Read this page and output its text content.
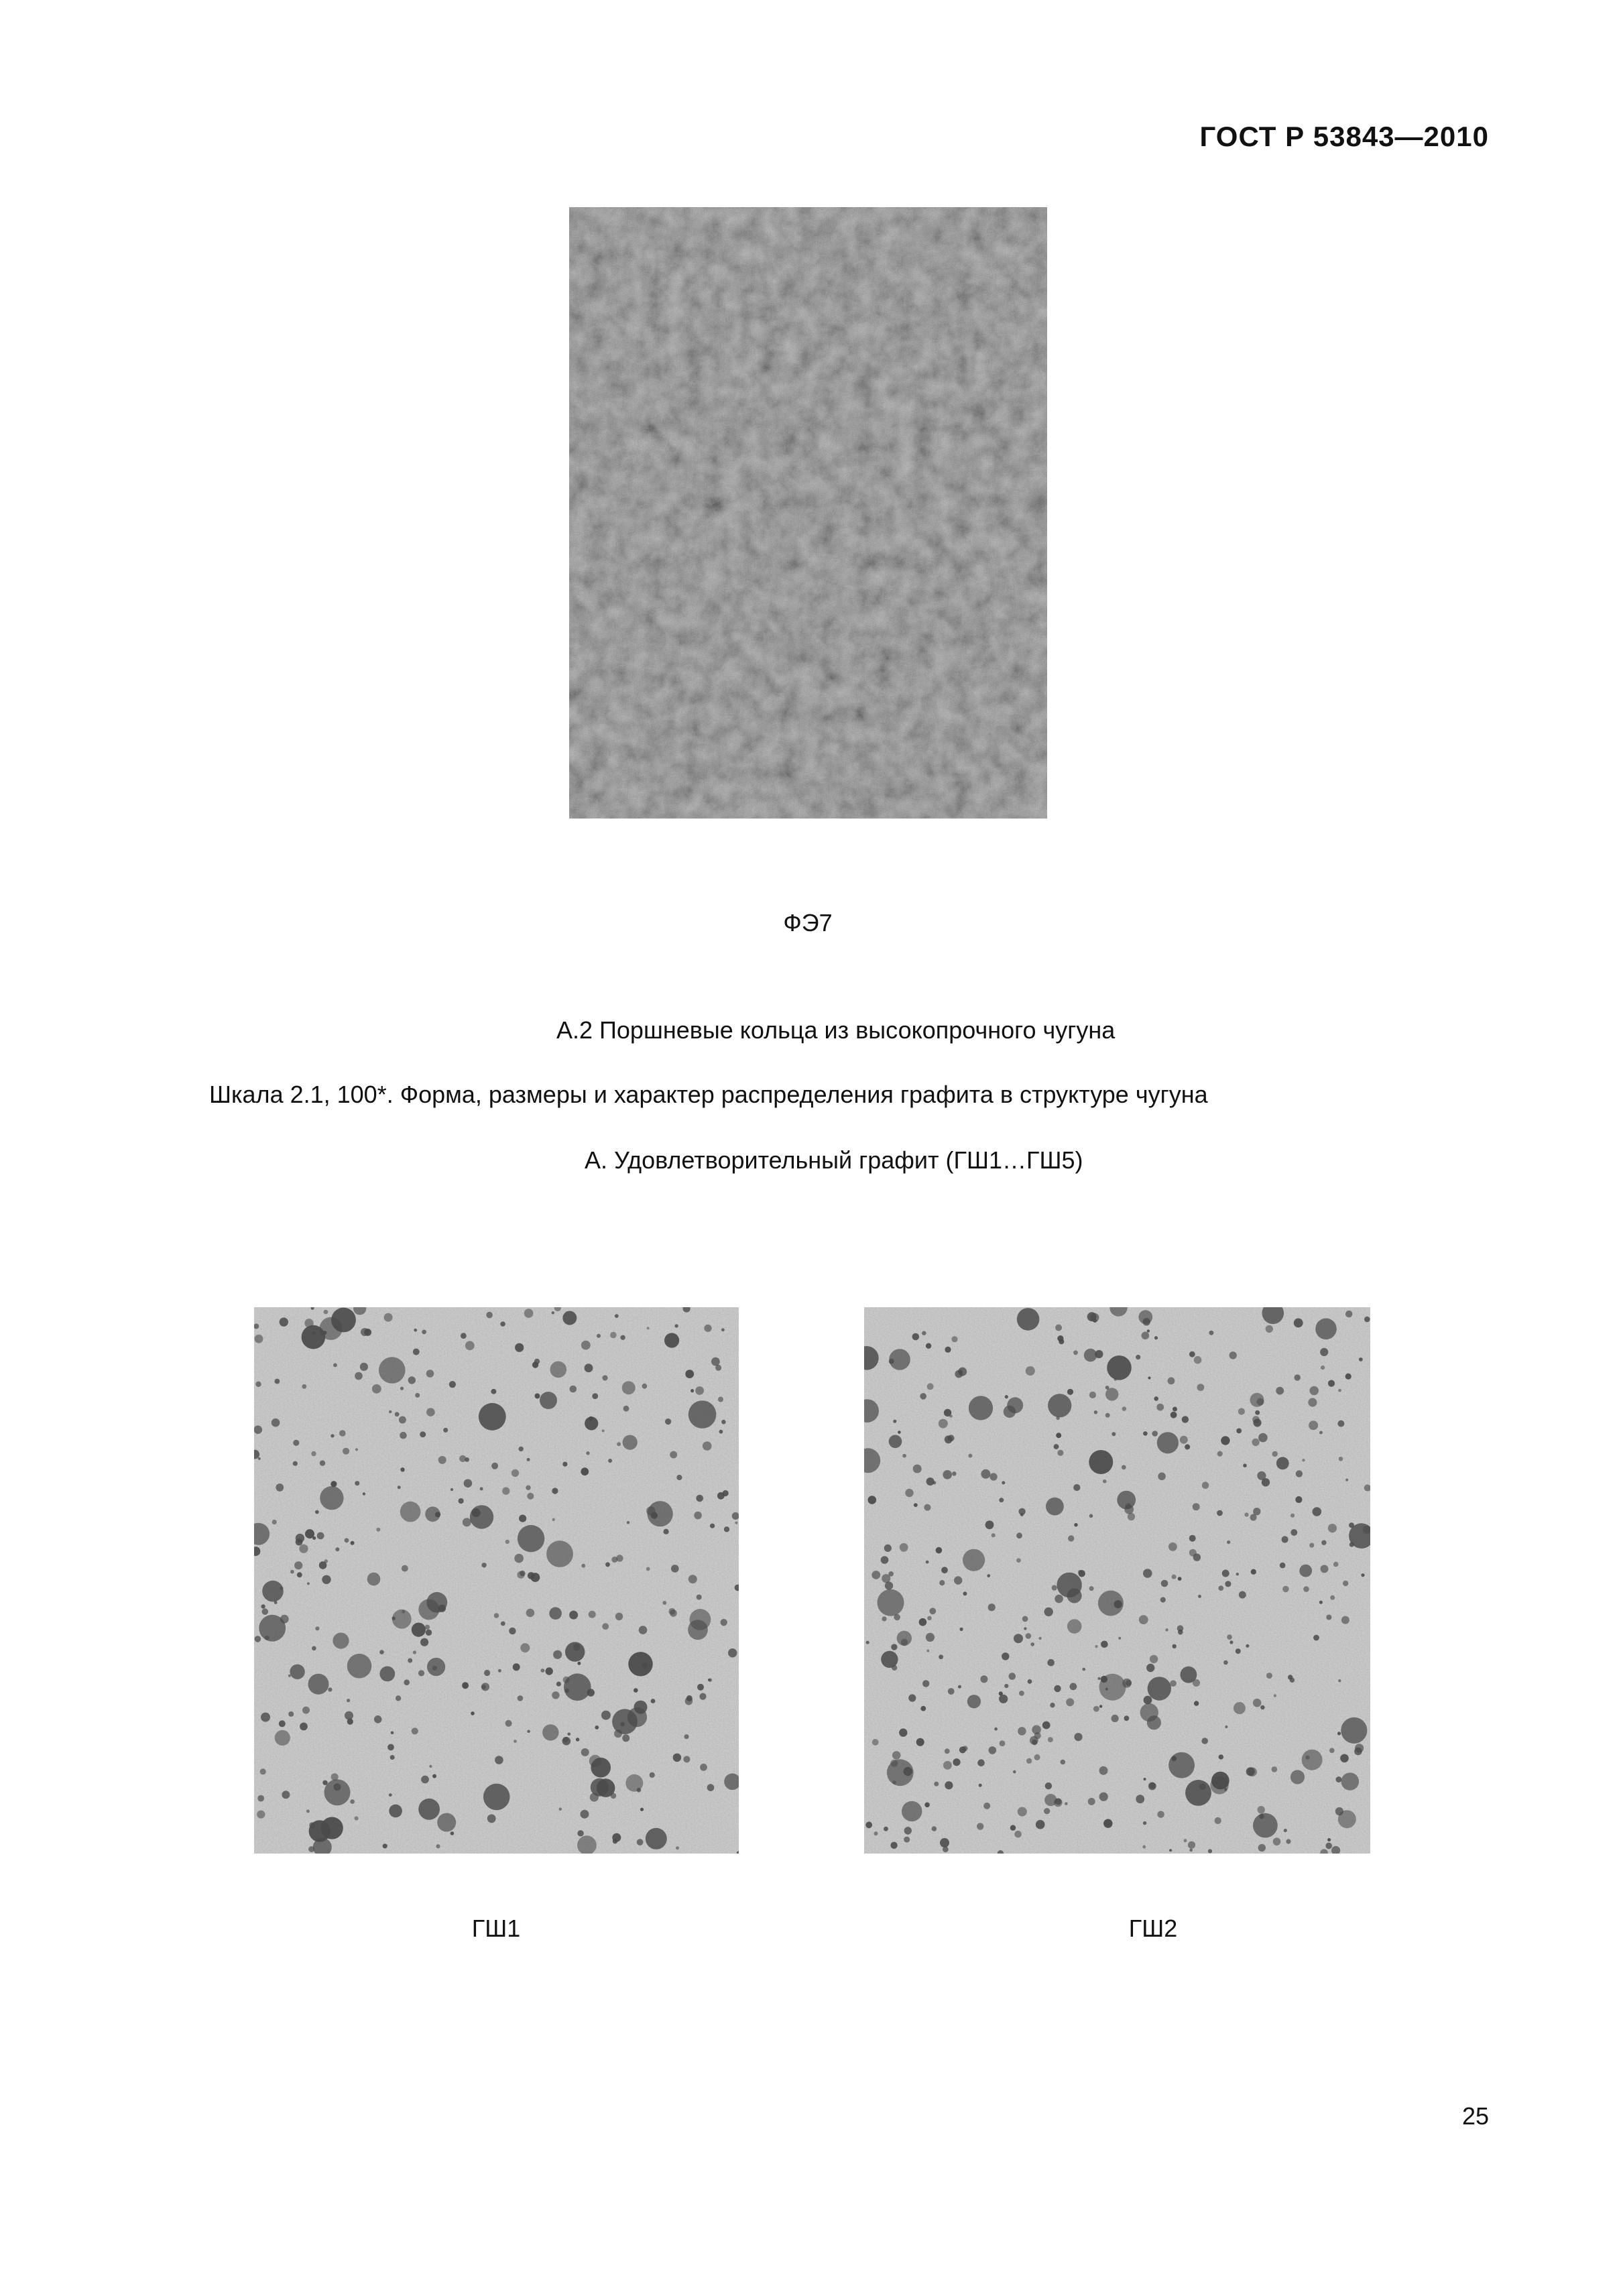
ГОСТ Р 53843—2010
ФЭ7
А.2 Поршневые кольца из высокопрочного чугуна
Шкала 2.1, 100*. Форма, размеры и характер распределения графита в структуре чугуна
А. Удовлетворительный графит (ГШ1…ГШ5)
ГШ1	ГШ2
25
